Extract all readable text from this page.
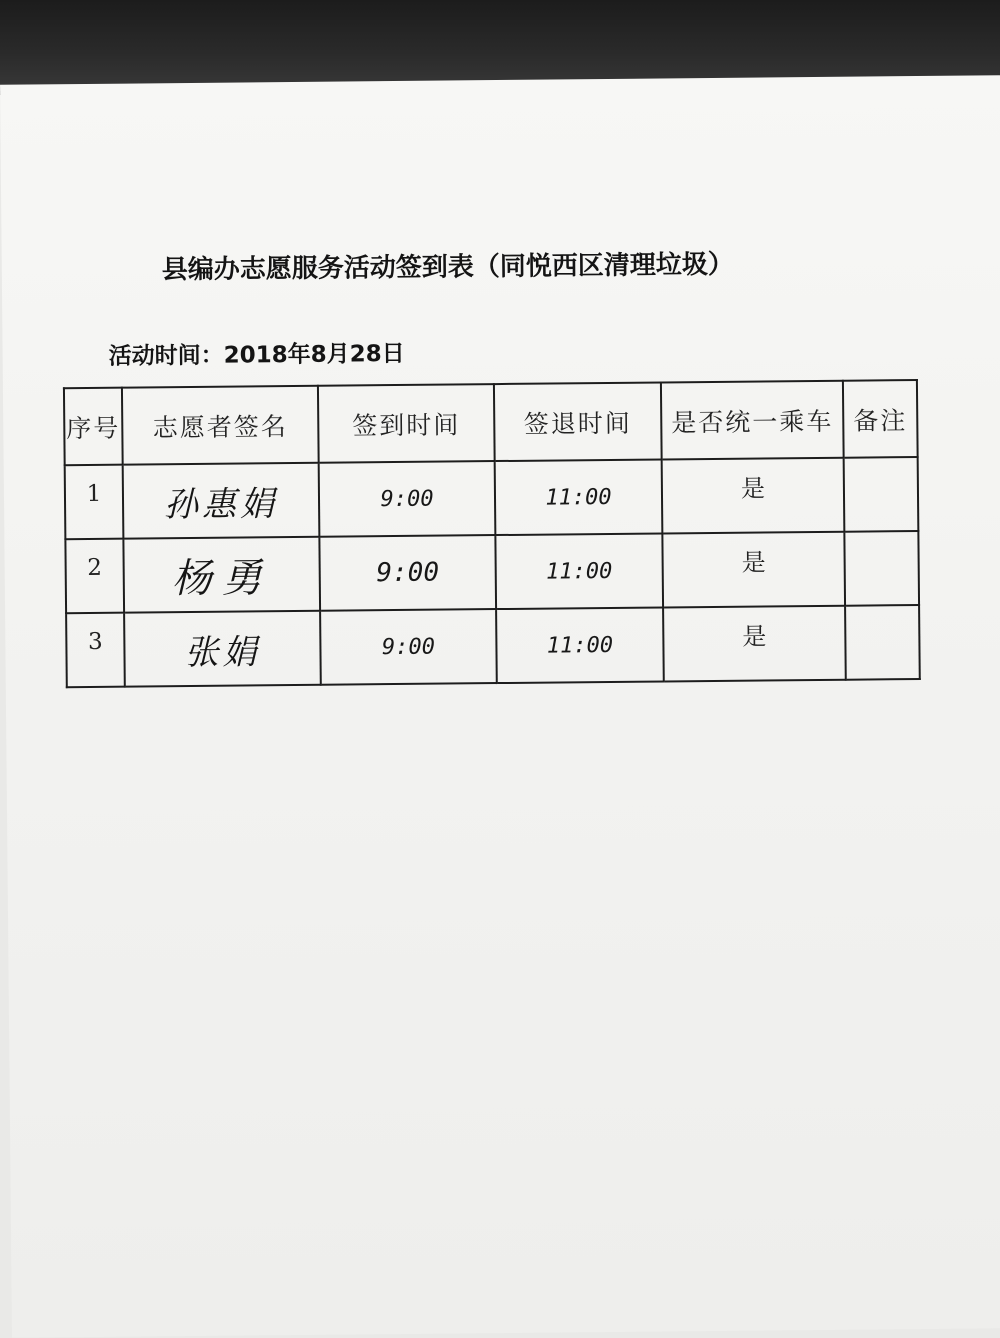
县编办志愿服务活动签到表（同悦西区清理垃圾）
活动时间：2018年8月28日
序号	志愿者签名	签到时间	签退时间	是否统一乘车	备注
1	孙惠娟	9:00	11:00	是	
2	杨勇	9:00	11:00	是	
3	张娟	9:00	11:00	是	
